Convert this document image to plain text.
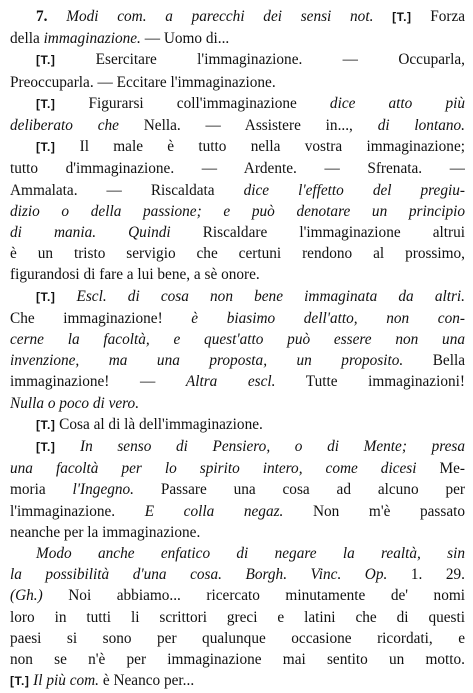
7. Modi com. a parecchi dei sensi not. [T.] Forza
della immaginazione. — Uomo di...
[T.] Esercitare l'immaginazione. — Occuparla,
Preoccuparla. — Eccitare l'immaginazione.
[T.] Figurarsi coll'immaginazione dice atto più
deliberato che Nella. — Assistere in..., di lontano.
[T.] Il male è tutto nella vostra immaginazione;
tutto d'immaginazione. — Ardente. — Sfrenata. —
Ammalata. — Riscaldata dice l'effetto del pregiu-
dizio o della passione; e può denotare un principio
di mania. Quindi Riscaldare l'immaginazione altrui
è un tristo servigio che certuni rendono al prossimo,
figurandosi di fare a lui bene, a sè onore.
[T.] Escl. di cosa non bene immaginata da altri.
Che immaginazione! è biasimo dell'atto, non con-
cerne la facoltà, e quest'atto può essere non una
invenzione, ma una proposta, un proposito. Bella
immaginazione! — Altra escl. Tutte immaginazioni!
Nulla o poco di vero.
[T.] Cosa al di là dell'immaginazione.
[T.] In senso di Pensiero, o di Mente; presa
una facoltà per lo spirito intero, come dicesi Me-
moria l'Ingegno. Passare una cosa ad alcuno per
l'immaginazione. E colla negaz. Non m'è passato
neanche per la immaginazione.
Modo anche enfatico di negare la realtà, sin
la possibilità d'una cosa. Borgh. Vinc. Op. 1. 29.
(Gh.) Noi abbiamo... ricercato minutamente de' nomi
loro in tutti li scrittori greci e latini che di questi
paesi si sono per qualunque occasione ricordati, e
non se n'è per immaginazione mai sentito un motto.
[T.] Il più com. è Neanco per...
